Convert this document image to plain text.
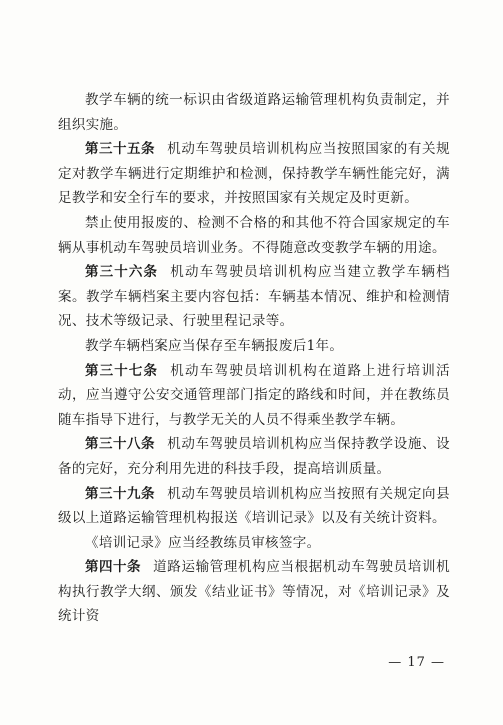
教学车辆的统一标识由省级道路运输管理机构负责制定，并组织实施。

第三十五条 机动车驾驶员培训机构应当按照国家的有关规定对教学车辆进行定期维护和检测，保持教学车辆性能完好，满足教学和安全行车的要求，并按照国家有关规定及时更新。

禁止使用报废的、检测不合格的和其他不符合国家规定的车辆从事机动车驾驶员培训业务。不得随意改变教学车辆的用途。

第三十六条 机动车驾驶员培训机构应当建立教学车辆档案。教学车辆档案主要内容包括：车辆基本情况、维护和检测情况、技术等级记录、行驶里程记录等。

教学车辆档案应当保存至车辆报废后1年。

第三十七条 机动车驾驶员培训机构在道路上进行培训活动，应当遵守公安交通管理部门指定的路线和时间，并在教练员随车指导下进行，与教学无关的人员不得乘坐教学车辆。

第三十八条 机动车驾驶员培训机构应当保持教学设施、设备的完好，充分利用先进的科技手段，提高培训质量。

第三十九条 机动车驾驶员培训机构应当按照有关规定向县级以上道路运输管理机构报送《培训记录》以及有关统计资料。

《培训记录》应当经教练员审核签字。

第四十条 道路运输管理机构应当根据机动车驾驶员培训机构执行教学大纲、颁发《结业证书》等情况，对《培训记录》及统计资

— 17 —
